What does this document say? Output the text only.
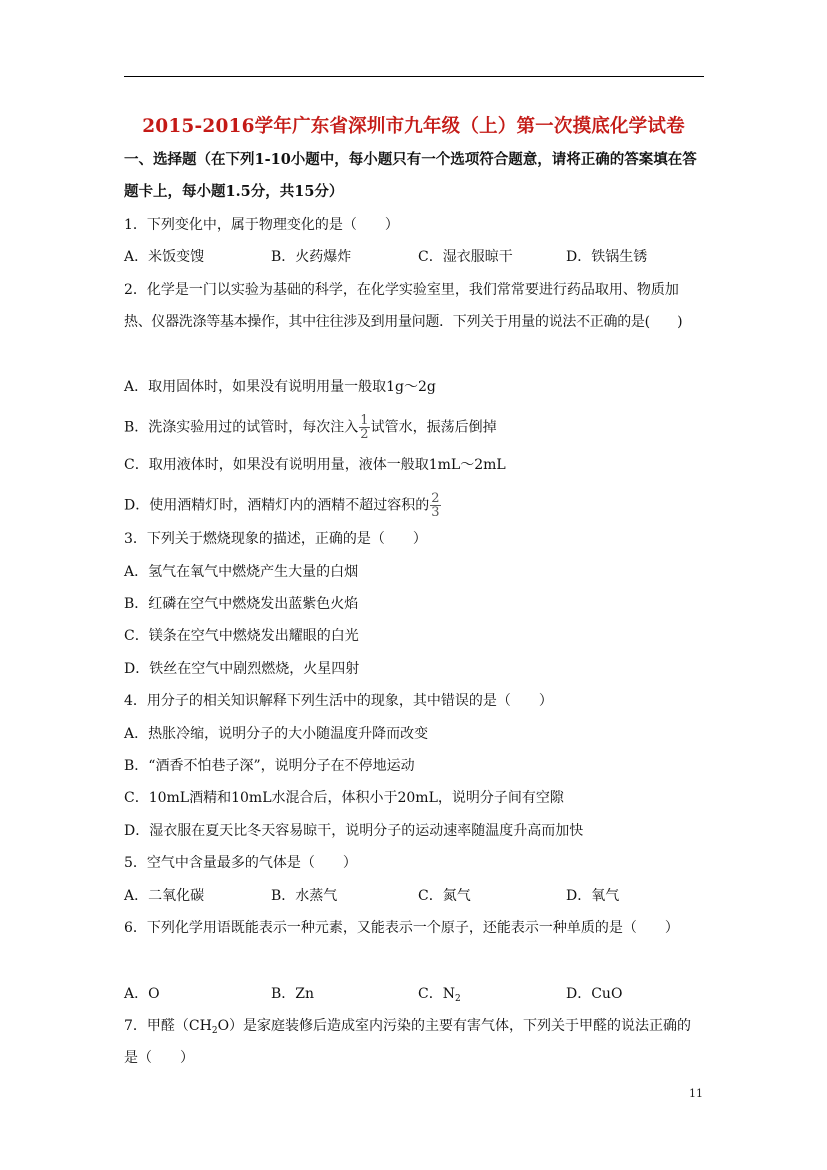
2015-2016学年广东省深圳市九年级（上）第一次摸底化学试卷
一、选择题（在下列1-10小题中，每小题只有一个选项符合题意，请将正确的答案填在答
题卡上，每小题1.5分，共15分）
1．下列变化中，属于物理变化的是（　　）
A．米饭变馊	B．火药爆炸	C．湿衣服晾干	D．铁锅生锈
2．化学是一门以实验为基础的科学，在化学实验室里，我们常常要进行药品取用、物质加
热、仪器洗涤等基本操作，其中往往涉及到用量问题．下列关于用量的说法不正确的是(　　)
A．取用固体时，如果没有说明用量一般取1g～2g
B．洗涤实验用过的试管时，每次注入 $\frac{1}{2}$ 试管水，振荡后倒掉
C．取用液体时，如果没有说明用量，液体一般取1mL～2mL
D．使用酒精灯时，酒精灯内的酒精不超过容积的 $\frac{2}{3}$
3．下列关于燃烧现象的描述，正确的是（　　）
A．氢气在氧气中燃烧产生大量的白烟
B．红磷在空气中燃烧发出蓝紫色火焰
C．镁条在空气中燃烧发出耀眼的白光
D．铁丝在空气中剧烈燃烧，火星四射
4．用分子的相关知识解释下列生活中的现象，其中错误的是（　　）
A．热胀冷缩，说明分子的大小随温度升降而改变
B．“酒香不怕巷子深”，说明分子在不停地运动
C．10mL酒精和10mL水混合后，体积小于20mL，说明分子间有空隙
D．湿衣服在夏天比冬天容易晾干，说明分子的运动速率随温度升高而加快
5．空气中含量最多的气体是（　　）
A．二氧化碳	B．水蒸气	C．氮气	D．氧气
6．下列化学用语既能表示一种元素，又能表示一个原子，还能表示一种单质的是（　　）
A．O	B．Zn	C．$N_2$	D．CuO
7．甲醛$(CH_2O)$是家庭装修后造成室内污染的主要有害气体，下列关于甲醛的说法正确的
是（　　）
11
